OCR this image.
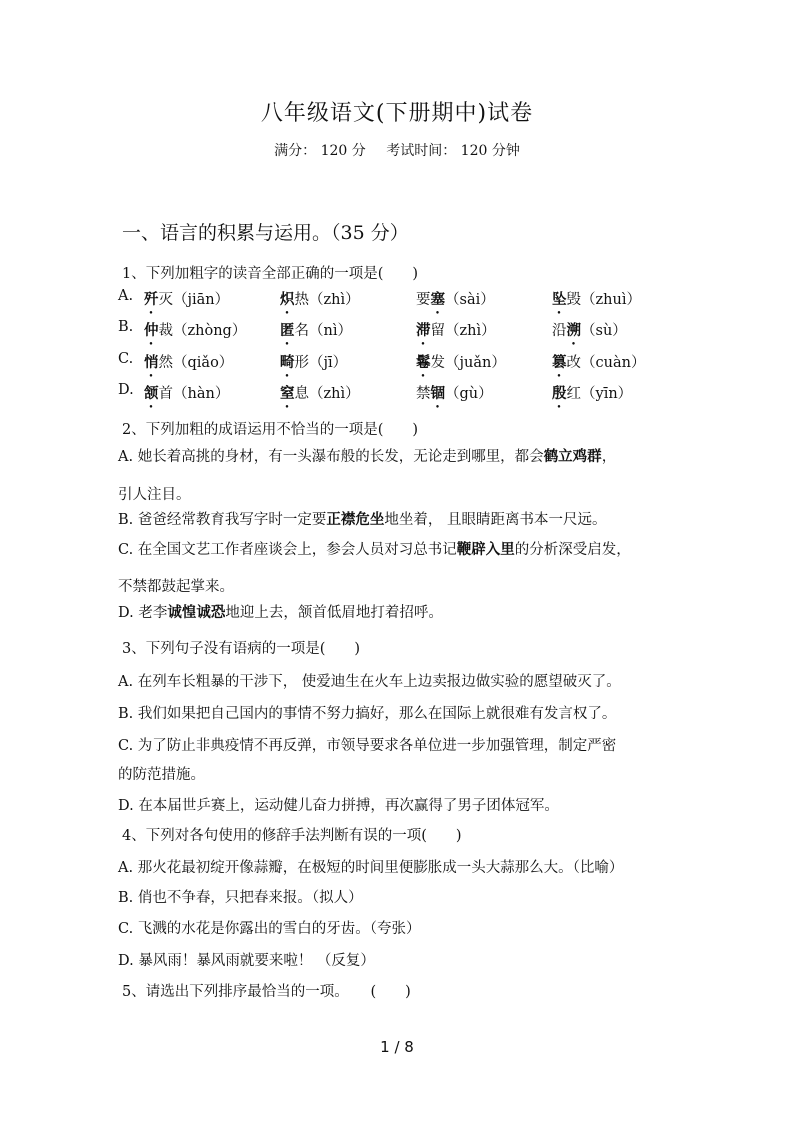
八年级语文(下册期中)试卷
满分： 120 分 考试时间： 120 分钟
一、语言的积累与运用。（35 分）
1、下列加粗字的读音全部正确的一项是(　　)
A. 歼灭（jiān）	炽热（zhì）	要塞（sài）	坠毁（zhuì）
B. 仲裁（zhòng） 匿名（nì）	滞留（zhì）	沿溯（sù）
C. 悄然（qiǎo）	畸形（jī）	鬈发（juǎn）	篡改（cuàn）
D. 颔首（hàn）	窒息（zhì）	禁锢（gù）	殷红（yīn）
2、下列加粗的成语运用不恰当的一项是(　　)
A. 她长着高挑的身材，有一头瀑布般的长发，无论走到哪里，都会鹤立鸡群，
引人注目。
B. 爸爸经常教育我写字时一定要正襟危坐地坐着， 且眼睛距离书本一尺远。
C. 在全国文艺工作者座谈会上，参会人员对习总书记鞭辟入里的分析深受启发，
不禁都鼓起掌来。
D. 老李诚惶诚恐地迎上去，颔首低眉地打着招呼。
3、下列句子没有语病的一项是(　　)
A. 在列车长粗暴的干涉下， 使爱迪生在火车上边卖报边做实验的愿望破灭了。
B. 我们如果把自己国内的事情不努力搞好，那么在国际上就很难有发言权了。
C. 为了防止非典疫情不再反弹，市领导要求各单位进一步加强管理，制定严密
的防范措施。
D. 在本届世乒赛上，运动健儿奋力拼搏，再次赢得了男子团体冠军。
4、下列对各句使用的修辞手法判断有误的一项(　　)
A. 那火花最初绽开像蒜瓣，在极短的时间里便膨胀成一头大蒜那么大。（比喻）
B. 俏也不争春，只把春来报。（拟人）
C. 飞溅的水花是你露出的雪白的牙齿。（夸张）
D. 暴风雨！暴风雨就要来啦！ （反复）
5、请选出下列排序最恰当的一项。　　(　　)
1 / 8
